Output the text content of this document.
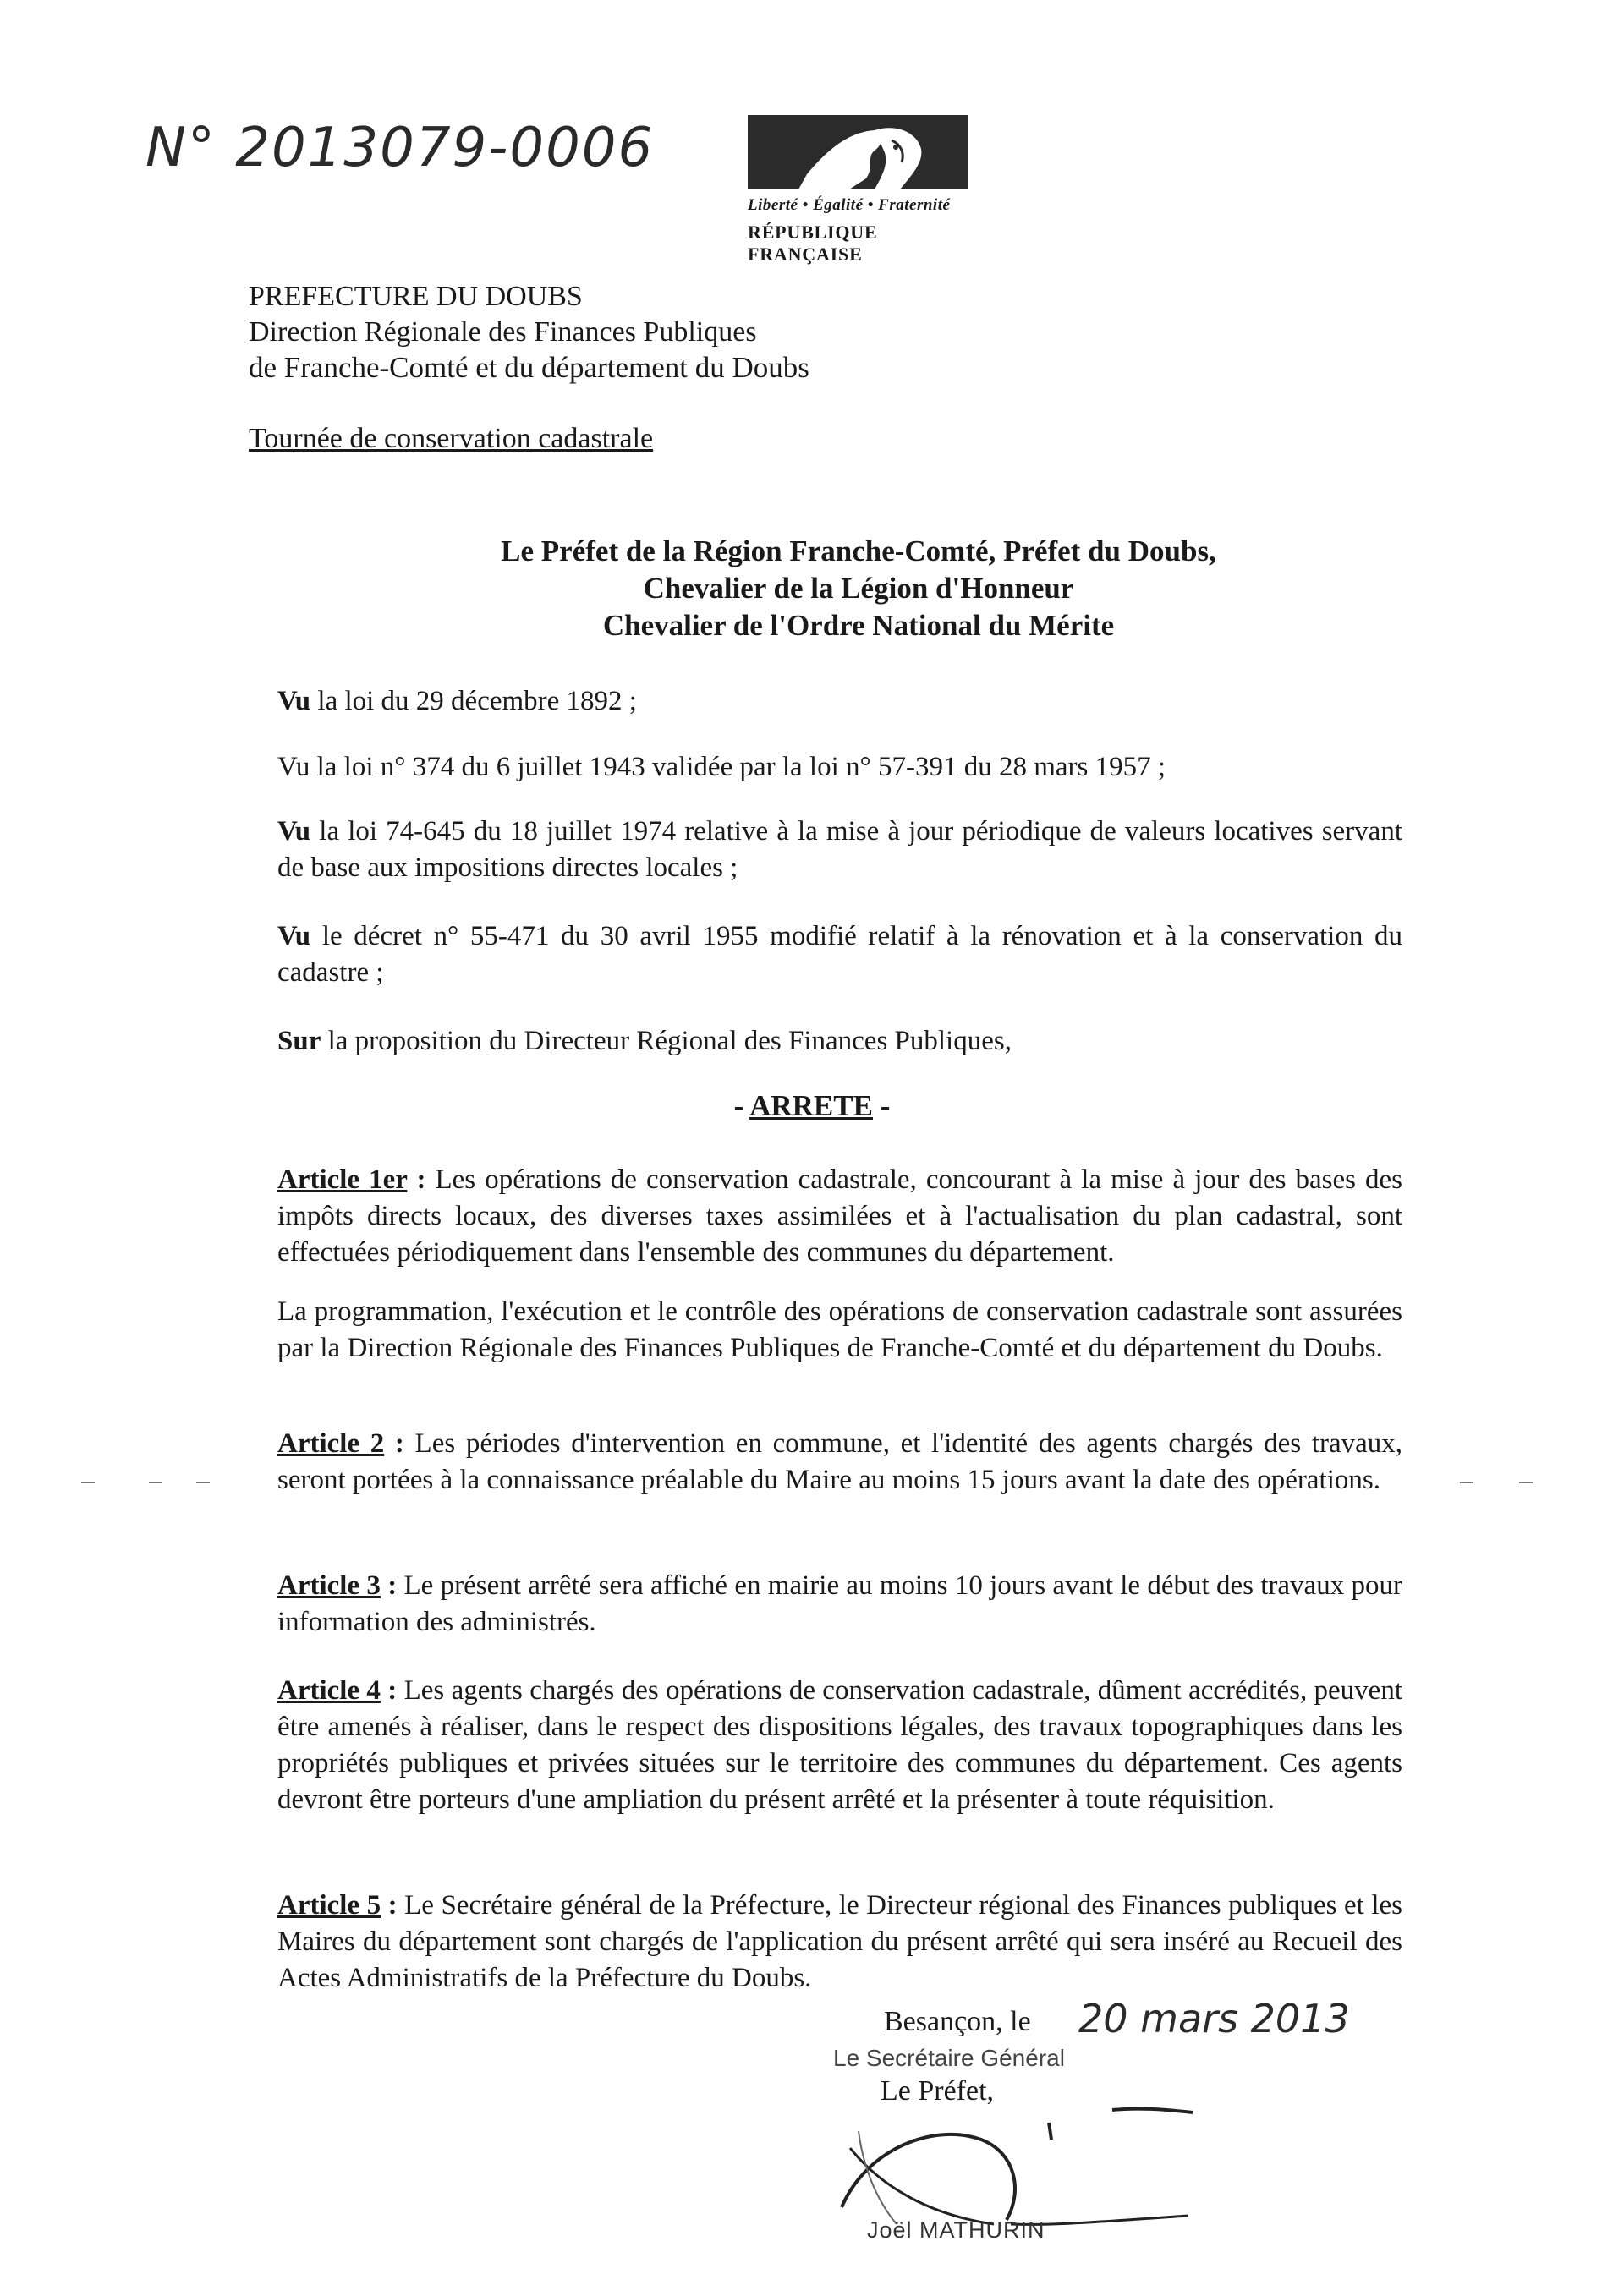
N° 2013079-0006
Liberté • Égalité • Fraternité
RÉPUBLIQUE FRANÇAISE
PREFECTURE DU DOUBS
Direction Régionale des Finances Publiques
de Franche-Comté et du département du Doubs
Tournée de conservation cadastrale
Le Préfet de la Région Franche-Comté, Préfet du Doubs,
Chevalier de la Légion d'Honneur
Chevalier de l'Ordre National du Mérite
Vu la loi du 29 décembre 1892 ;
Vu la loi n° 374 du 6 juillet 1943 validée par la loi n° 57-391 du 28 mars 1957 ;
Vu la loi 74-645 du 18 juillet 1974 relative à la mise à jour périodique de valeurs locatives servant de base aux impositions directes locales ;
Vu le décret n° 55-471 du 30 avril 1955 modifié relatif à la rénovation et à la conservation du cadastre ;
Sur la proposition du Directeur Régional des Finances Publiques,
- ARRETE -
Article 1er : Les opérations de conservation cadastrale, concourant à la mise à jour des bases des impôts directs locaux, des diverses taxes assimilées et à l'actualisation du plan cadastral, sont effectuées périodiquement dans l'ensemble des communes du département.
La programmation, l'exécution et le contrôle des opérations de conservation cadastrale sont assurées par la Direction Régionale des Finances Publiques de Franche-Comté et du département du Doubs.
Article 2 : Les périodes d'intervention en commune, et l'identité des agents chargés des travaux, seront portées à la connaissance préalable du Maire au moins 15 jours avant la date des opérations.
Article 3 : Le présent arrêté sera affiché en mairie au moins 10 jours avant le début des travaux pour information des administrés.
Article 4 : Les agents chargés des opérations de conservation cadastrale, dûment accrédités, peuvent être amenés à réaliser, dans le respect des dispositions légales, des travaux topographiques dans les propriétés publiques et privées situées sur le territoire des communes du département. Ces agents devront être porteurs d'une ampliation du présent arrêté et la présenter à toute réquisition.
Article 5 : Le Secrétaire général de la Préfecture, le Directeur régional des Finances publiques et les Maires du département sont chargés de l'application du présent arrêté qui sera inséré au Recueil des Actes Administratifs de la Préfecture du Doubs.
Besançon, le 20 mars 2013
Le Secrétaire Général
Le Préfet,
Joël MATHURIN
